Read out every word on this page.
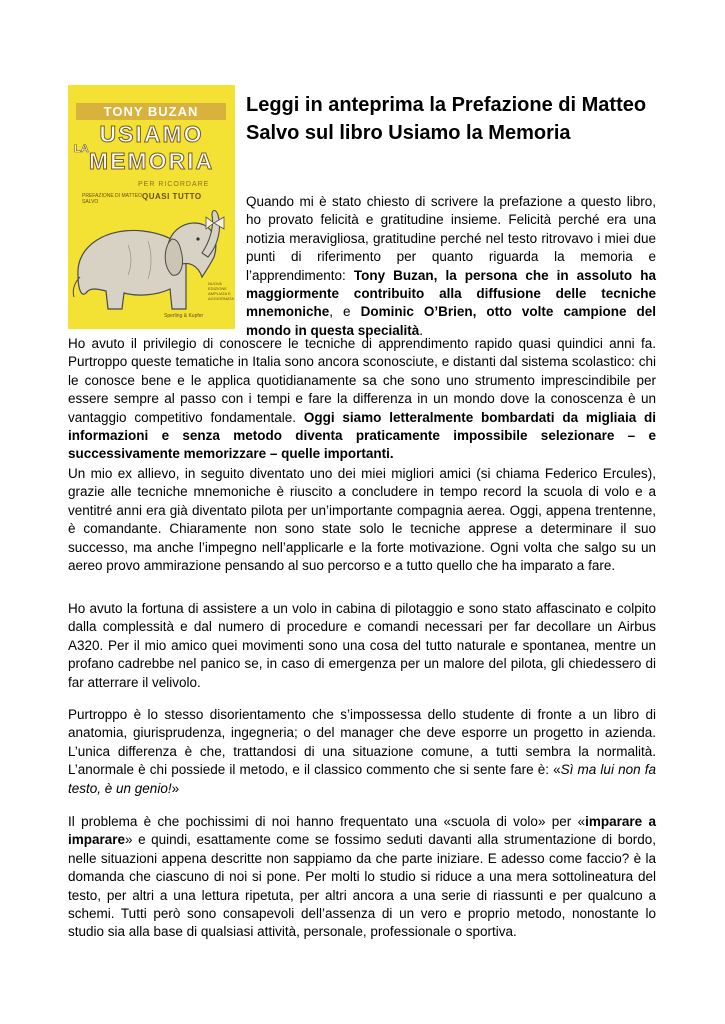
TONY BUZAN
USIAMO
LA MEMORIA
PER RICORDARE
QUASI TUTTO
PREFAZIONE DI MATTEO SALVO
NUOVA EDIZIONE AMPLIATA E AGGIORNATA
Sperling & Kupfer
Leggi in anteprima la Prefazione di Matteo Salvo sul libro Usiamo la Memoria

Quando mi è stato chiesto di scrivere la prefazione a questo libro, ho provato felicità e gratitudine insieme. Felicità perché era una notizia meravigliosa, gratitudine perché nel testo ritrovavo i miei due punti di riferimento per quanto riguarda la memoria e l’apprendimento: Tony Buzan, la persona che in assoluto ha maggiormente contribuito alla diffusione delle tecniche mnemoniche, e Dominic O’Brien, otto volte campione del mondo in questa specialità.

Ho avuto il privilegio di conoscere le tecniche di apprendimento rapido quasi quindici anni fa. Purtroppo queste tematiche in Italia sono ancora sconosciute, e distanti dal sistema scolastico: chi le conosce bene e le applica quotidianamente sa che sono uno strumento imprescindibile per essere sempre al passo con i tempi e fare la differenza in un mondo dove la conoscenza è un vantaggio competitivo fondamentale. Oggi siamo letteralmente bombardati da migliaia di informazioni e senza metodo diventa praticamente impossibile selezionare – e successivamente memorizzare – quelle importanti.

Un mio ex allievo, in seguito diventato uno dei miei migliori amici (si chiama Federico Ercules), grazie alle tecniche mnemoniche è riuscito a concludere in tempo record la scuola di volo e a ventitré anni era già diventato pilota per un’importante compagnia aerea. Oggi, appena trentenne, è comandante. Chiaramente non sono state solo le tecniche apprese a determinare il suo successo, ma anche l’impegno nell’applicarle e la forte motivazione. Ogni volta che salgo su un aereo provo ammirazione pensando al suo percorso e a tutto quello che ha imparato a fare.

Ho avuto la fortuna di assistere a un volo in cabina di pilotaggio e sono stato affascinato e colpito dalla complessità e dal numero di procedure e comandi necessari per far decollare un Airbus A320. Per il mio amico quei movimenti sono una cosa del tutto naturale e spontanea, mentre un profano cadrebbe nel panico se, in caso di emergenza per un malore del pilota, gli chiedessero di far atterrare il velivolo.

Purtroppo è lo stesso disorientamento che s’impossessa dello studente di fronte a un libro di anatomia, giurisprudenza, ingegneria; o del manager che deve esporre un progetto in azienda. L’unica differenza è che, trattandosi di una situazione comune, a tutti sembra la normalità. L’anormale è chi possiede il metodo, e il classico commento che si sente fare è: «Sì ma lui non fa testo, è un genio!»

Il problema è che pochissimi di noi hanno frequentato una «scuola di volo» per «imparare a imparare» e quindi, esattamente come se fossimo seduti davanti alla strumentazione di bordo, nelle situazioni appena descritte non sappiamo da che parte iniziare. E adesso come faccio? è la domanda che ciascuno di noi si pone. Per molti lo studio si riduce a una mera sottolineatura del testo, per altri a una lettura ripetuta, per altri ancora a una serie di riassunti e per qualcuno a schemi. Tutti però sono consapevoli dell’assenza di un vero e proprio metodo, nonostante lo studio sia alla base di qualsiasi attività, personale, professionale o sportiva.
